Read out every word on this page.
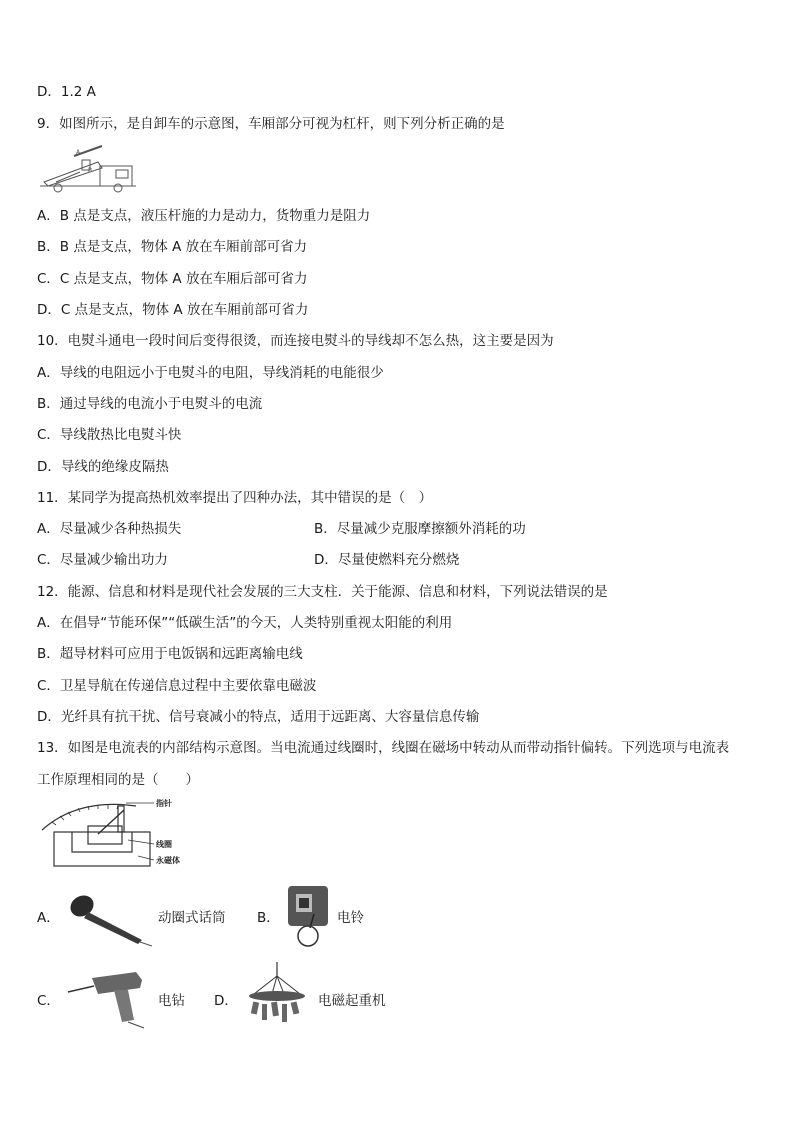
D．1.2 A
9．如图所示，是自卸车的示意图，车厢部分可视为杠杆，则下列分析正确的是
A
B
A．B 点是支点，液压杆施的力是动力，货物重力是阻力
B．B 点是支点，物体 A 放在车厢前部可省力
C．C 点是支点，物体 A 放在车厢后部可省力
D．C 点是支点，物体 A 放在车厢前部可省力
10．电熨斗通电一段时间后变得很烫，而连接电熨斗的导线却不怎么热，这主要是因为
A．导线的电阻远小于电熨斗的电阻，导线消耗的电能很少
B．通过导线的电流小于电熨斗的电流
C．导线散热比电熨斗快
D．导线的绝缘皮隔热
11．某同学为提高热机效率提出了四种办法，其中错误的是（　）
A．尽量减少各种热损失	B．尽量减少克服摩擦额外消耗的功
C．尽量减少输出功力	D．尽量使燃料充分燃烧
12．能源、信息和材料是现代社会发展的三大支柱．关于能源、信息和材料，下列说法错误的是
A．在倡导“节能环保”“低碳生活”的今天，人类特别重视太阳能的利用
B．超导材料可应用于电饭锅和远距离输电线
C．卫星导航在传递信息过程中主要依靠电磁波
D．光纤具有抗干扰、信号衰减小的特点，适用于远距离、大容量信息传输
13．如图是电流表的内部结构示意图。当电流通过线圈时，线圈在磁场中转动从而带动指针偏转。下列选项与电流表
工作原理相同的是（　　）
指针
线圈
永磁体
A．	动圈式话筒 B．	电铃
C．	电钻 D．	电磁起重机
